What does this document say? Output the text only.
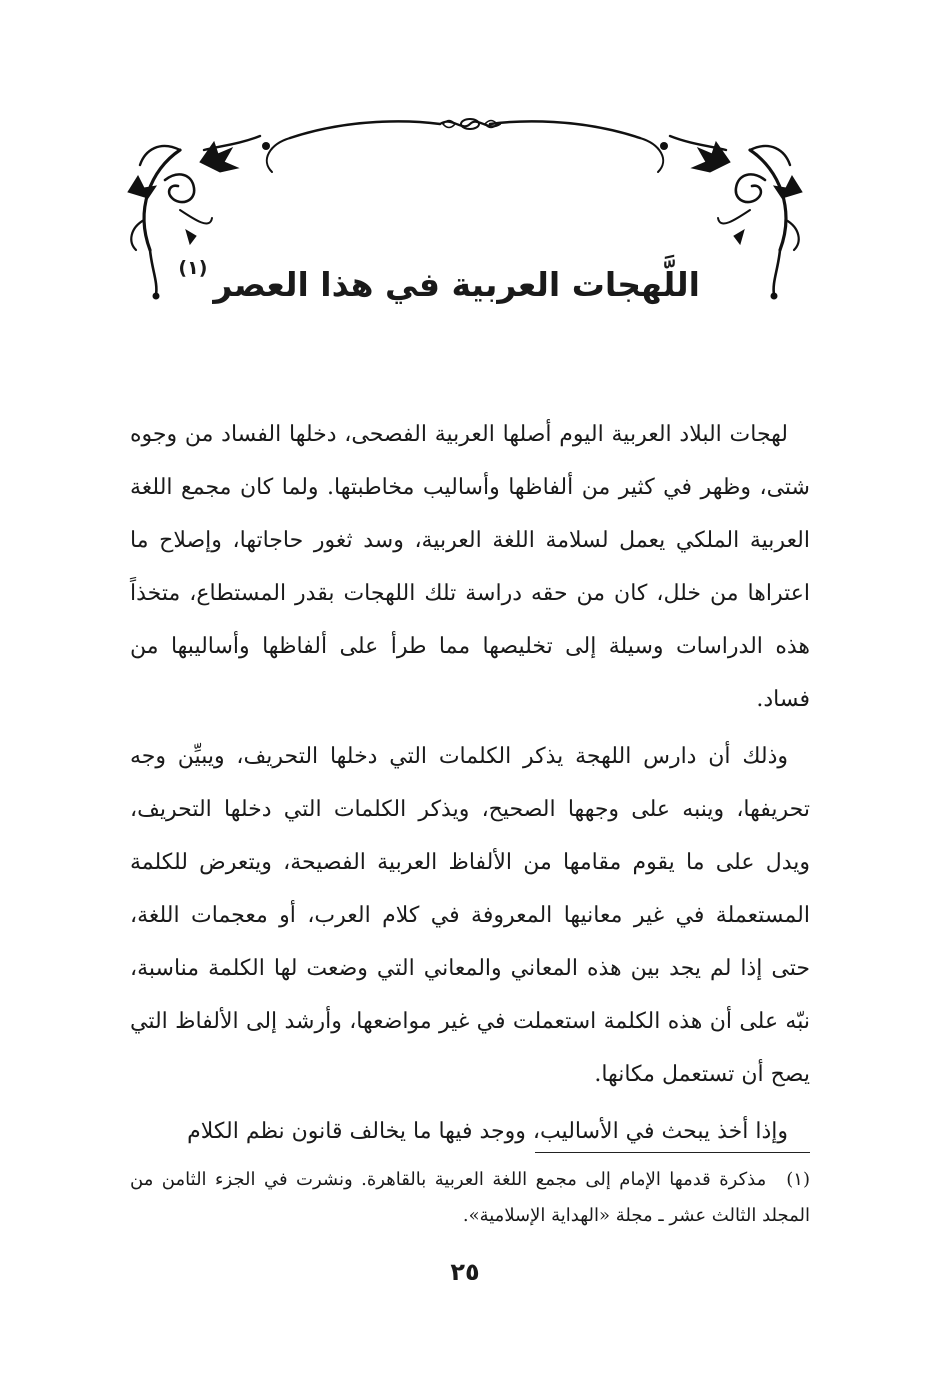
اللَّهجات العربية في هذا العصر$^{(١)}$

لهجات البلاد العربية اليوم أصلها العربية الفصحى، دخلها الفساد من وجوه شتى، وظهر في كثير من ألفاظها وأساليب مخاطبتها. ولما كان مجمع اللغة العربية الملكي يعمل لسلامة اللغة العربية، وسد ثغور حاجاتها، وإصلاح ما اعتراها من خلل، كان من حقه دراسة تلك اللهجات بقدر المستطاع، متخذاً هذه الدراسات وسيلة إلى تخليصها مما طرأ على ألفاظها وأساليبها من فساد.

وذلك أن دارس اللهجة يذكر الكلمات التي دخلها التحريف، ويبيِّن وجه تحريفها، وينبه على وجهها الصحيح، ويذكر الكلمات التي دخلها التحريف، ويدل على ما يقوم مقامها من الألفاظ العربية الفصيحة، ويتعرض للكلمة المستعملة في غير معانيها المعروفة في كلام العرب، أو معجمات اللغة، حتى إذا لم يجد بين هذه المعاني والمعاني التي وضعت لها الكلمة مناسبة، نبّه على أن هذه الكلمة استعملت في غير مواضعها، وأرشد إلى الألفاظ التي يصح أن تستعمل مكانها.

وإذا أخذ يبحث في الأساليب، ووجد فيها ما يخالف قانون نظم الكلام

(١)مذكرة قدمها الإمام إلى مجمع اللغة العربية بالقاهرة. ونشرت في الجزء الثامن من المجلد الثالث عشر ـ مجلة «الهداية الإسلامية».
٢٥
